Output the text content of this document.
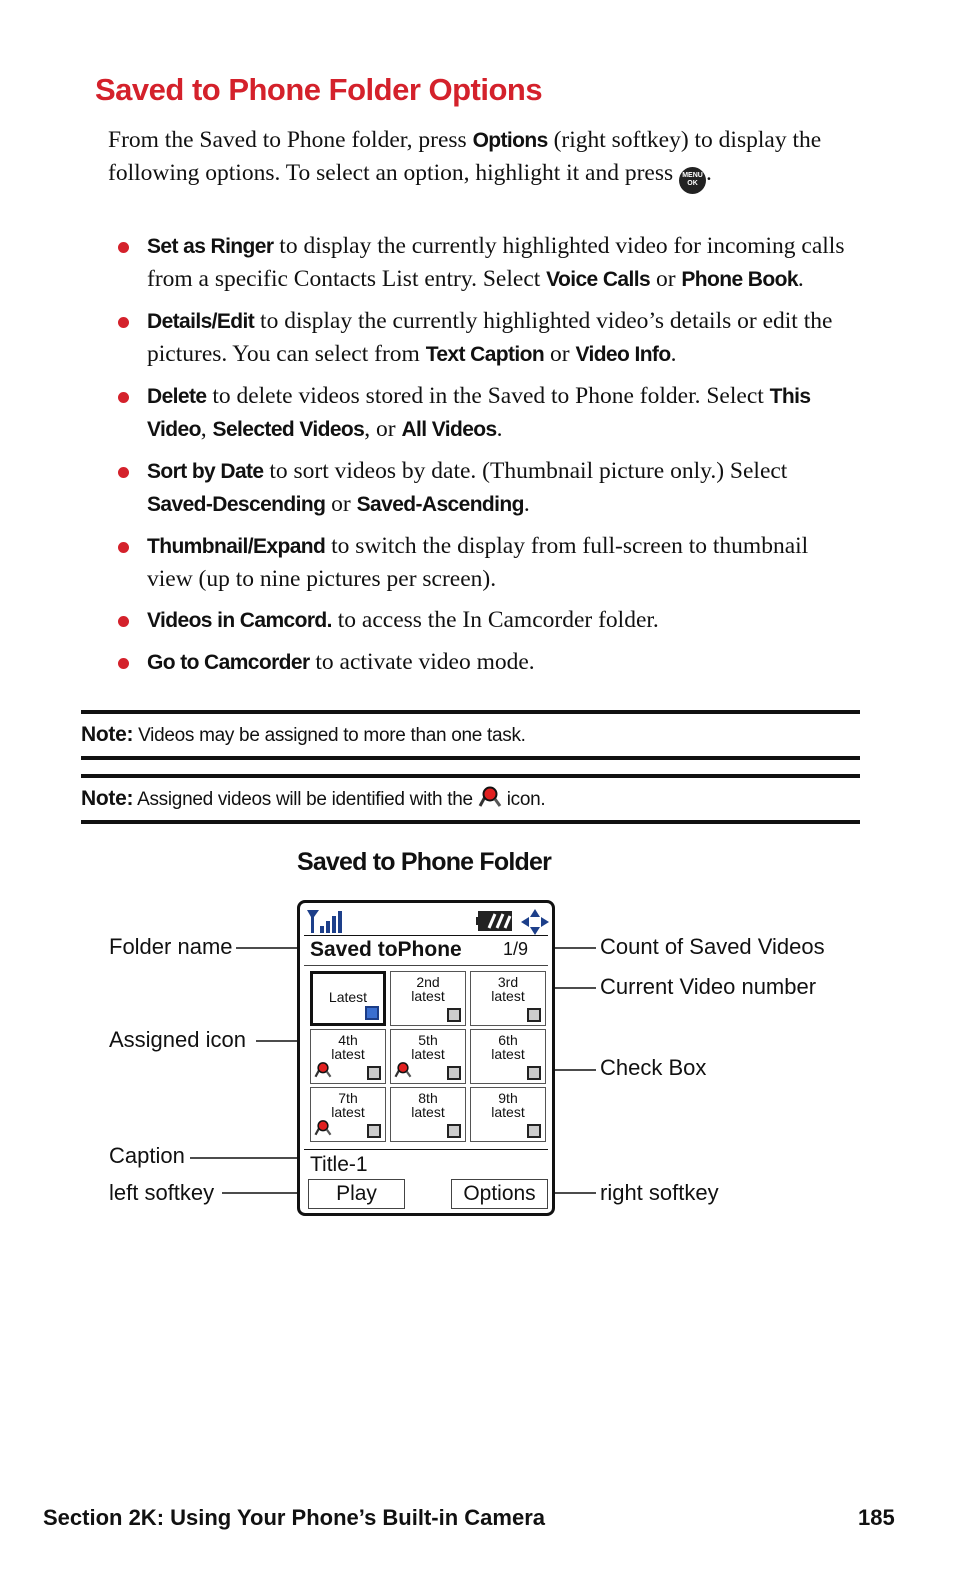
Saved to Phone Folder Options
From the Saved to Phone folder, press Options (right softkey) to display the following options. To select an option, highlight it and press MENU
OK .
Set as Ringer to display the currently highlighted video for incoming calls from a specific Contacts List entry. Select Voice Calls or Phone Book.
Details/Edit to display the currently highlighted video’s details or edit the pictures. You can select from Text Caption or Video Info.
Delete to delete videos stored in the Saved to Phone folder. Select This Video, Selected Videos, or All Videos.
Sort by Date to sort videos by date. (Thumbnail picture only.) Select Saved-Descending or Saved-Ascending.
Thumbnail/Expand to switch the display from full-screen to thumbnail view (up to nine pictures per screen).
Videos in Camcord. to access the In Camcorder folder.
Go to Camcorder to activate video mode.
Note: Videos may be assigned to more than one task.
Note: Assigned videos will be identified with the  icon.
Saved to Phone Folder
Folder name
Assigned icon
Caption
left softkey
Count of Saved Videos
Current Video number
Check Box
right softkey
Saved toPhone 1/9
Latest
2nd
latest
3rd
latest
4th
latest
5th
latest
6th
latest
7th
latest
8th
latest
9th
latest
Title-1
Play	Options
Section 2K: Using Your Phone’s Built-in Camera	185
